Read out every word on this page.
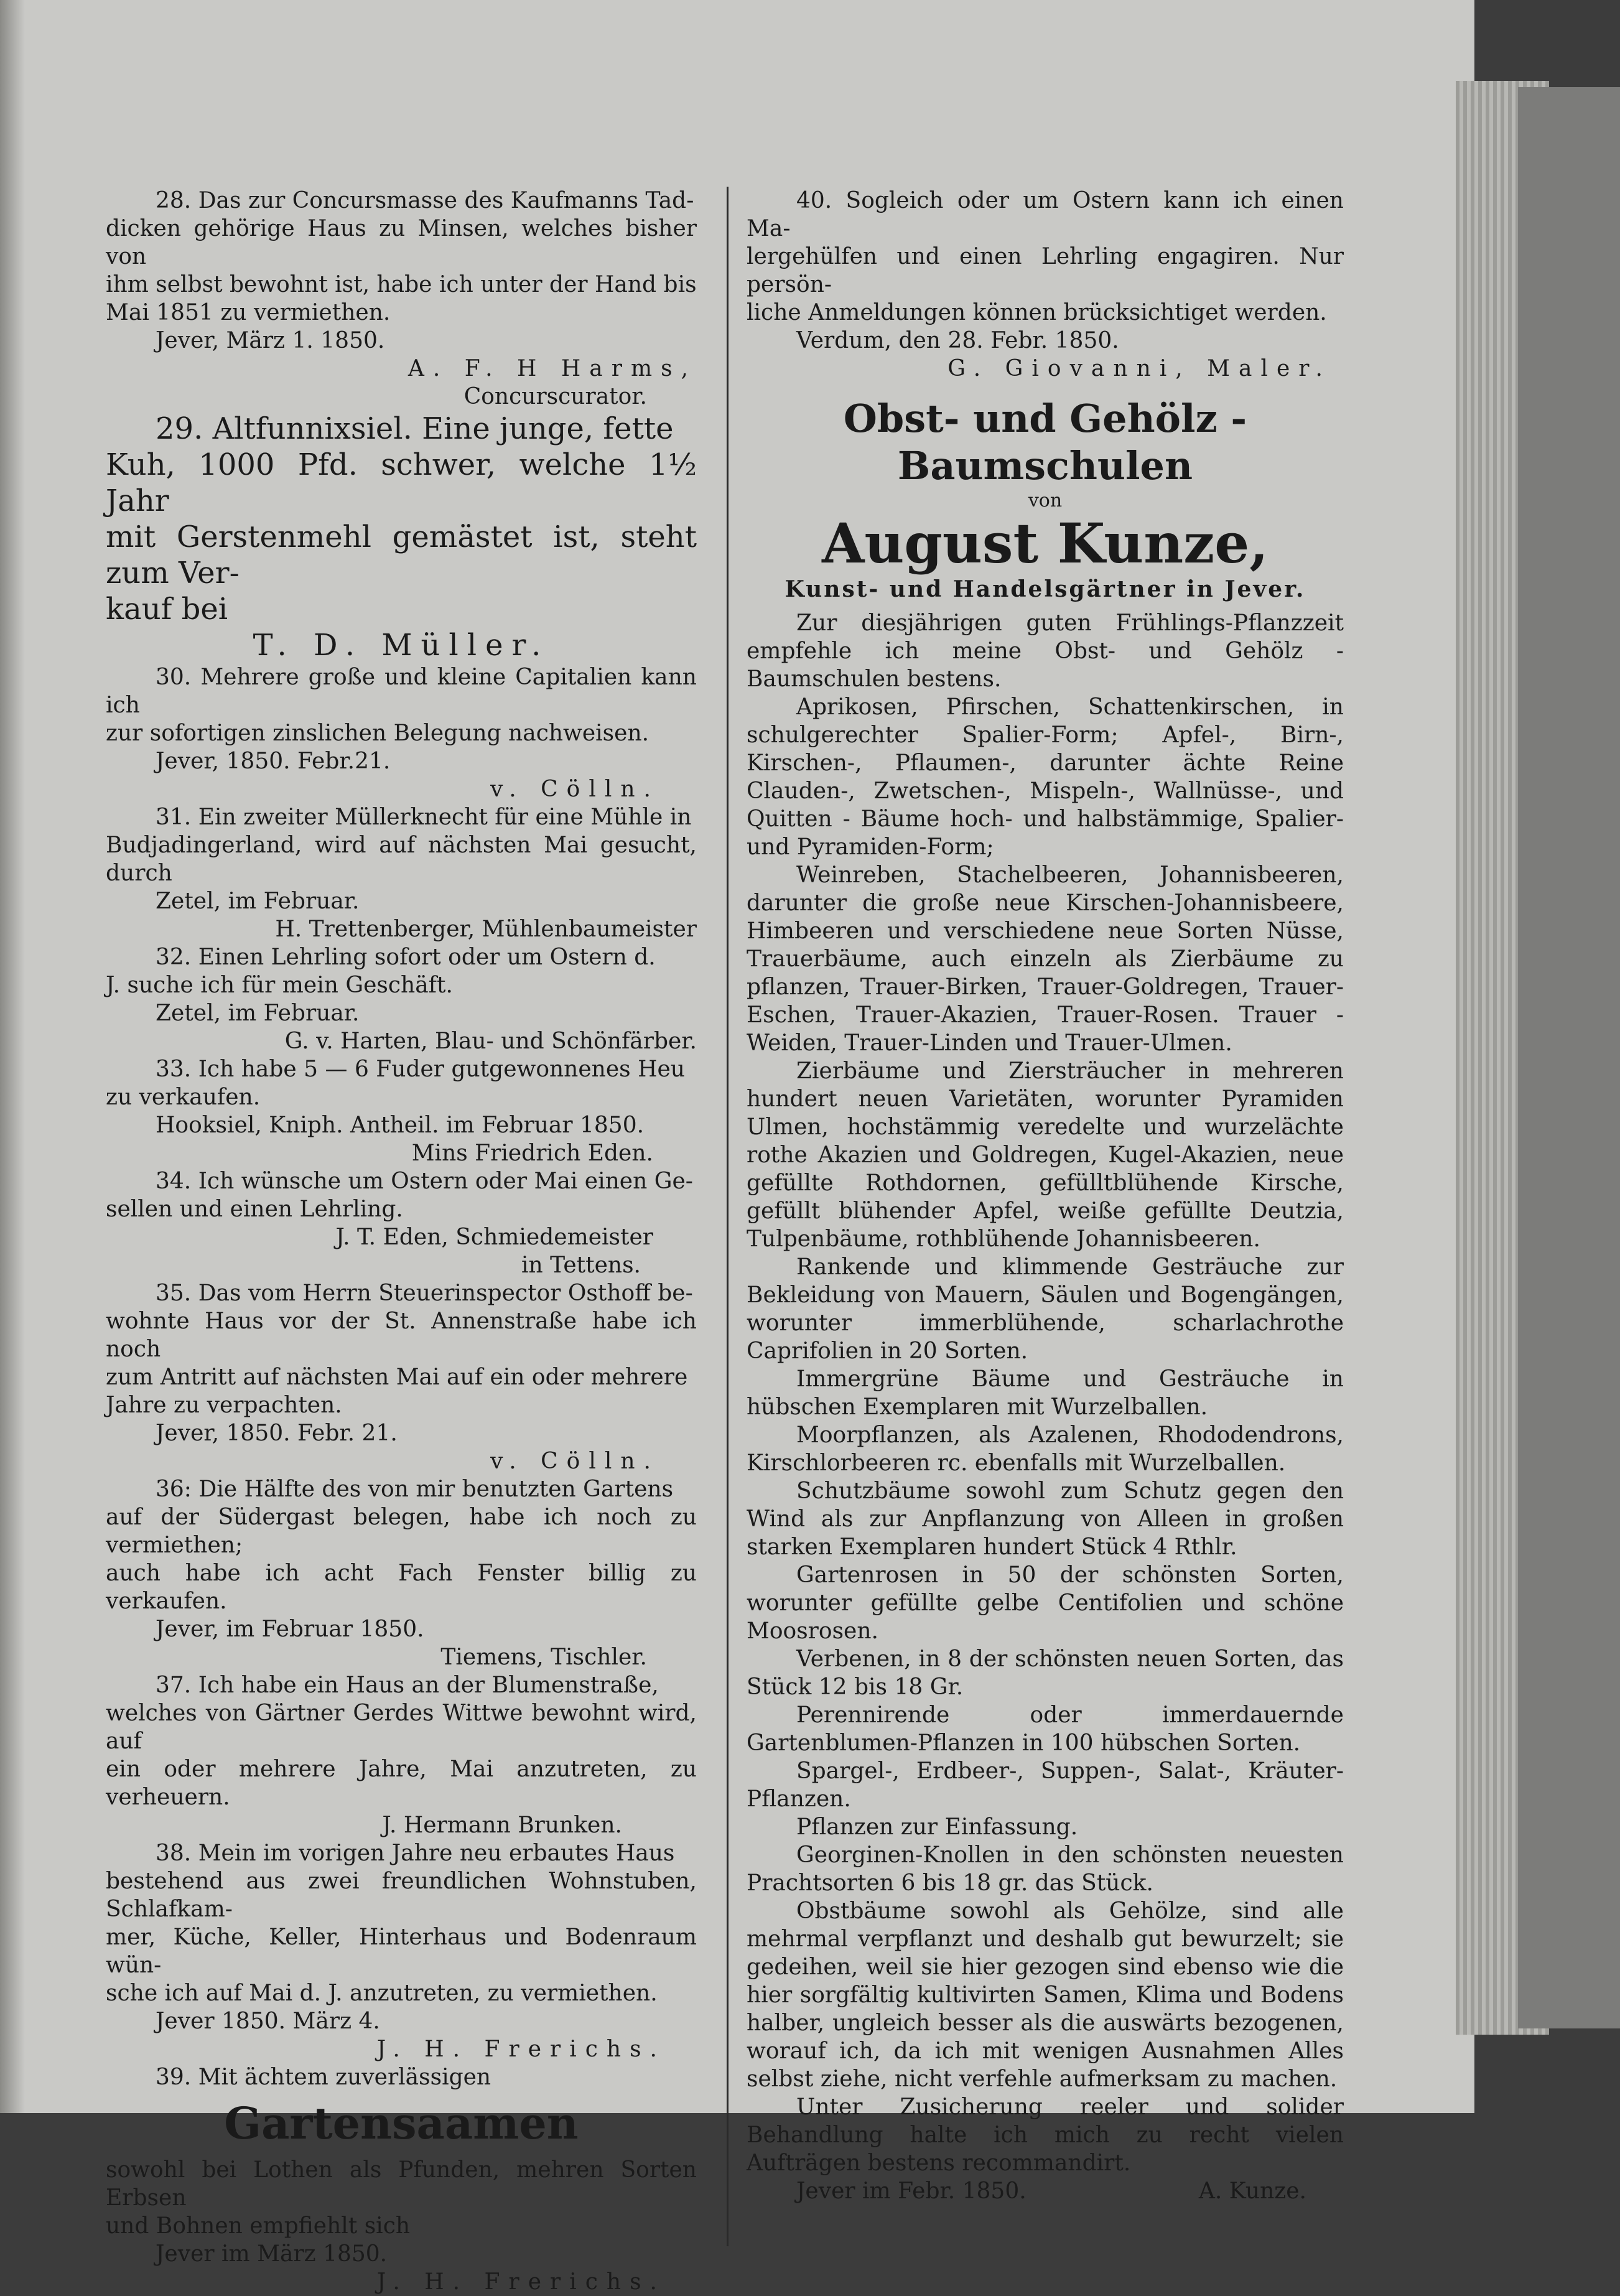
28. Das zur Concursmasse des Kaufmanns Tad-

dicken gehörige Haus zu Minsen, welches bisher von

ihm selbst bewohnt ist, habe ich unter der Hand bis

Mai 1851 zu vermiethen.

Jever, März 1. 1850.

A. F. H Harms,

Concurscurator.

29. Altfunnixsiel. Eine junge, fette

Kuh, 1000 Pfd. schwer, welche 1½ Jahr

mit Gerstenmehl gemästet ist, steht zum Ver-

kauf bei

T. D. Müller.

30. Mehrere große und kleine Capitalien kann ich

zur sofortigen zinslichen Belegung nachweisen.

Jever, 1850. Febr.21.

v. Cölln.

31. Ein zweiter Müllerknecht für eine Mühle in

Budjadingerland, wird auf nächsten Mai gesucht, durch

Zetel, im Februar.

H. Trettenberger, Mühlenbaumeister

32. Einen Lehrling sofort oder um Ostern d.

J. suche ich für mein Geschäft.

Zetel, im Februar.

G. v. Harten, Blau- und Schönfärber.

33. Ich habe 5 — 6 Fuder gutgewonnenes Heu

zu verkaufen.

Hooksiel, Kniph. Antheil. im Februar 1850.

Mins Friedrich Eden.

34. Ich wünsche um Ostern oder Mai einen Ge-

sellen und einen Lehrling.

J. T. Eden, Schmiedemeister

in Tettens.

35. Das vom Herrn Steuerinspector Osthoff be-

wohnte Haus vor der St. Annenstraße habe ich noch

zum Antritt auf nächsten Mai auf ein oder mehrere

Jahre zu verpachten.

Jever, 1850. Febr. 21.

v. Cölln.

36: Die Hälfte des von mir benutzten Gartens

auf der Südergast belegen, habe ich noch zu vermiethen;

auch habe ich acht Fach Fenster billig zu verkaufen.

Jever, im Februar 1850.

Tiemens, Tischler.

37. Ich habe ein Haus an der Blumenstraße,

welches von Gärtner Gerdes Wittwe bewohnt wird, auf

ein oder mehrere Jahre, Mai anzutreten, zu verheuern.

J. Hermann Brunken.

38. Mein im vorigen Jahre neu erbautes Haus

bestehend aus zwei freundlichen Wohnstuben, Schlafkam-

mer, Küche, Keller, Hinterhaus und Bodenraum wün-

sche ich auf Mai d. J. anzutreten, zu vermiethen.

Jever 1850. März 4.

J. H. Frerichs.

39. Mit ächtem zuverlässigen

Gartensaamen

sowohl bei Lothen als Pfunden, mehren Sorten Erbsen

und Bohnen empfiehlt sich

Jever im März 1850.

J. H. Frerichs.

40. Sogleich oder um Ostern kann ich einen Ma-

lergehülfen und einen Lehrling engagiren. Nur persön-

liche Anmeldungen können brücksichtiget werden.

Verdum, den 28. Febr. 1850.

G. Giovanni, Maler.

Obst- und Gehölz - Baumschulen

von

August Kunze,

Kunst- und Handelsgärtner in Jever.

Zur diesjährigen guten Frühlings-Pflanzzeit empfehle ich meine Obst- und Gehölz - Baumschulen bestens.

Aprikosen, Pfirschen, Schattenkirschen, in schulgerechter Spalier-Form; Apfel-, Birn-, Kirschen-, Pflaumen-, darunter ächte Reine Clauden-, Zwetschen-, Mispeln-, Wallnüsse-, und Quitten - Bäume hoch- und halbstämmige, Spalier- und Pyramiden-Form;

Weinreben, Stachelbeeren, Johannisbeeren, darunter die große neue Kirschen-Johannisbeere, Himbeeren und verschiedene neue Sorten Nüsse, Trauerbäume, auch einzeln als Zierbäume zu pflanzen, Trauer-Birken, Trauer-Goldregen, Trauer-Eschen, Trauer-Akazien, Trauer-Rosen. Trauer - Weiden, Trauer-Linden und Trauer-Ulmen.

Zierbäume und Ziersträucher in mehreren hundert neuen Varietäten, worunter Pyramiden Ulmen, hochstämmig veredelte und wurzelächte rothe Akazien und Goldregen, Kugel-Akazien, neue gefüllte Rothdornen, gefülltblühende Kirsche, gefüllt blühender Apfel, weiße gefüllte Deutzia, Tulpenbäume, rothblühende Johannisbeeren.

Rankende und klimmende Gesträuche zur Bekleidung von Mauern, Säulen und Bogengängen, worunter immerblühende, scharlachrothe Caprifolien in 20 Sorten.

Immergrüne Bäume und Gesträuche in hübschen Exemplaren mit Wurzelballen.

Moorpflanzen, als Azalenen, Rhododendrons, Kirschlorbeeren rc. ebenfalls mit Wurzelballen.

Schutzbäume sowohl zum Schutz gegen den Wind als zur Anpflanzung von Alleen in großen starken Exemplaren hundert Stück 4 Rthlr.

Gartenrosen in 50 der schönsten Sorten, worunter gefüllte gelbe Centifolien und schöne Moosrosen.

Verbenen, in 8 der schönsten neuen Sorten, das Stück 12 bis 18 Gr.

Perennirende oder immerdauernde Gartenblumen-Pflanzen in 100 hübschen Sorten.

Spargel-, Erdbeer-, Suppen-, Salat-, Kräuter-Pflanzen.

Pflanzen zur Einfassung.

Georginen-Knollen in den schönsten neuesten Prachtsorten 6 bis 18 gr. das Stück.

Obstbäume sowohl als Gehölze, sind alle mehrmal verpflanzt und deshalb gut bewurzelt; sie gedeihen, weil sie hier gezogen sind ebenso wie die hier sorgfältig kultivirten Samen, Klima und Bodens halber, ungleich besser als die auswärts bezogenen, worauf ich, da ich mit wenigen Ausnahmen Alles selbst ziehe, nicht verfehle aufmerksam zu machen.

Unter Zusicherung reeler und solider Behandlung halte ich mich zu recht vielen Aufträgen bestens recommandirt.

Jever im Febr. 1850.	A. Kunze.
